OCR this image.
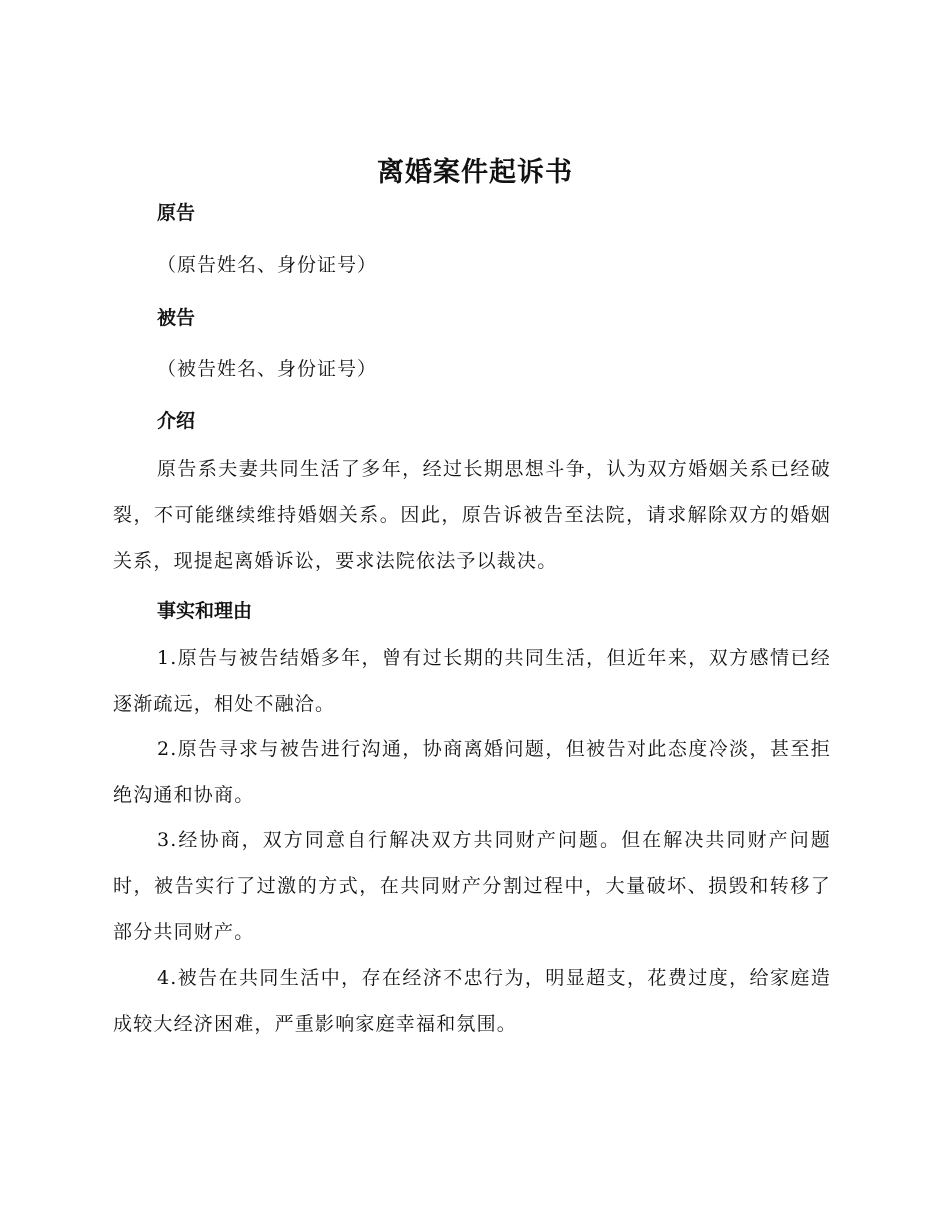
离婚案件起诉书
原告
（原告姓名、身份证号）
被告
（被告姓名、身份证号）
介绍
原告系夫妻共同生活了多年，经过长期思想斗争，认为双方婚姻关系已经破裂，不可能继续维持婚姻关系。因此，原告诉被告至法院，请求解除双方的婚姻关系，现提起离婚诉讼，要求法院依法予以裁决。
事实和理由
1.原告与被告结婚多年，曾有过长期的共同生活，但近年来，双方感情已经逐渐疏远，相处不融洽。
2.原告寻求与被告进行沟通，协商离婚问题，但被告对此态度冷淡，甚至拒绝沟通和协商。
3.经协商，双方同意自行解决双方共同财产问题。但在解决共同财产问题时，被告实行了过激的方式，在共同财产分割过程中，大量破坏、损毁和转移了部分共同财产。
4.被告在共同生活中，存在经济不忠行为，明显超支，花费过度，给家庭造成较大经济困难，严重影响家庭幸福和氛围。
